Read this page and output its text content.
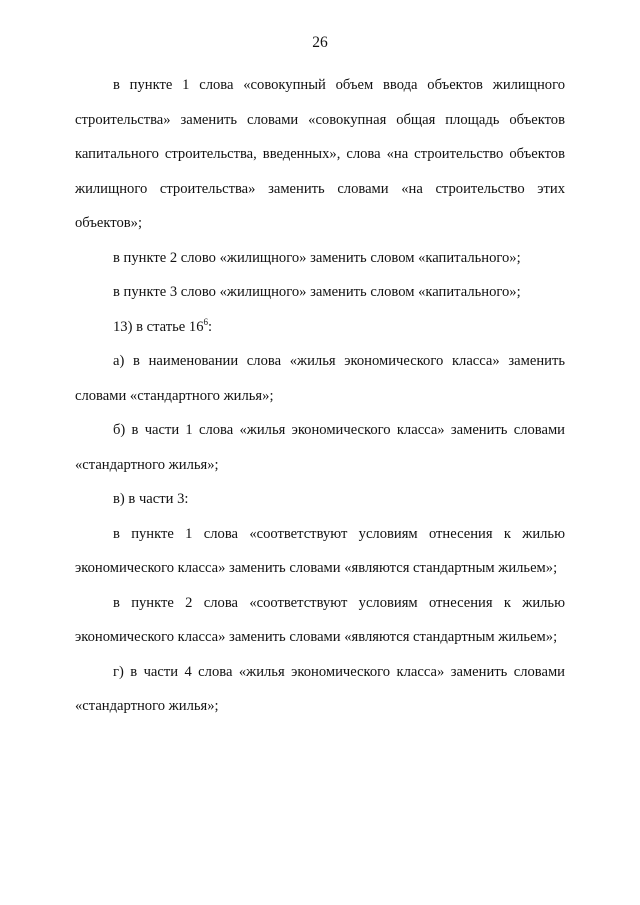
26

в пункте 1 слова «совокупный объем ввода объектов жилищного строительства» заменить словами «совокупная общая площадь объектов капитального строительства, введенных», слова «на строительство объектов жилищного строительства» заменить словами «на строительство этих объектов»;

в пункте 2 слово «жилищного» заменить словом «капитального»;

в пункте 3 слово «жилищного» заменить словом «капитального»;

13) в статье $16^6$:

а) в наименовании слова «жилья экономического класса» заменить словами «стандартного жилья»;

б) в части 1 слова «жилья экономического класса» заменить словами «стандартного жилья»;

в) в части 3:

в пункте 1 слова «соответствуют условиям отнесения к жилью экономического класса» заменить словами «являются стандартным жильем»;

в пункте 2 слова «соответствуют условиям отнесения к жилью экономического класса» заменить словами «являются стандартным жильем»;

г) в части 4 слова «жилья экономического класса» заменить словами «стандартного жилья»;
